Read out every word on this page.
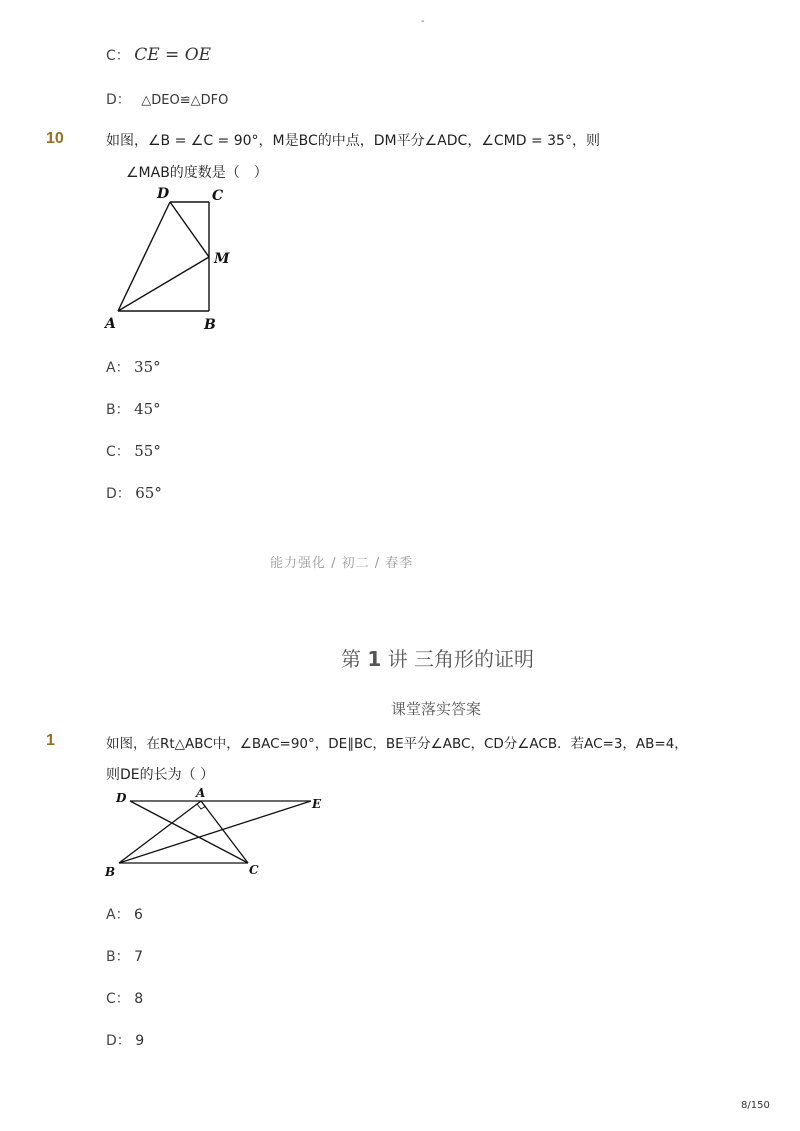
-
C： CE = OE
D： △DEO≌△DFO
10	如图，∠B = ∠C = 90°，M是BC的中点，DM平分∠ADC，∠CMD = 35°，则
∠MAB的度数是（　）
D	C
M
A	B
A： 35°
B： 45°
C： 55°
D： 65°
能力强化 / 初二 / 春季
第 1 讲 三角形的证明
课堂落实答案
1	如图，在Rt△ABC中，∠BAC=90°，DE∥BC，BE平分∠ABC，CD分∠ACB．若AC=3，AB=4，
则DE的长为（ ）
A
D	E
B	C
A： 6
B： 7
C： 8
D： 9
8/150
